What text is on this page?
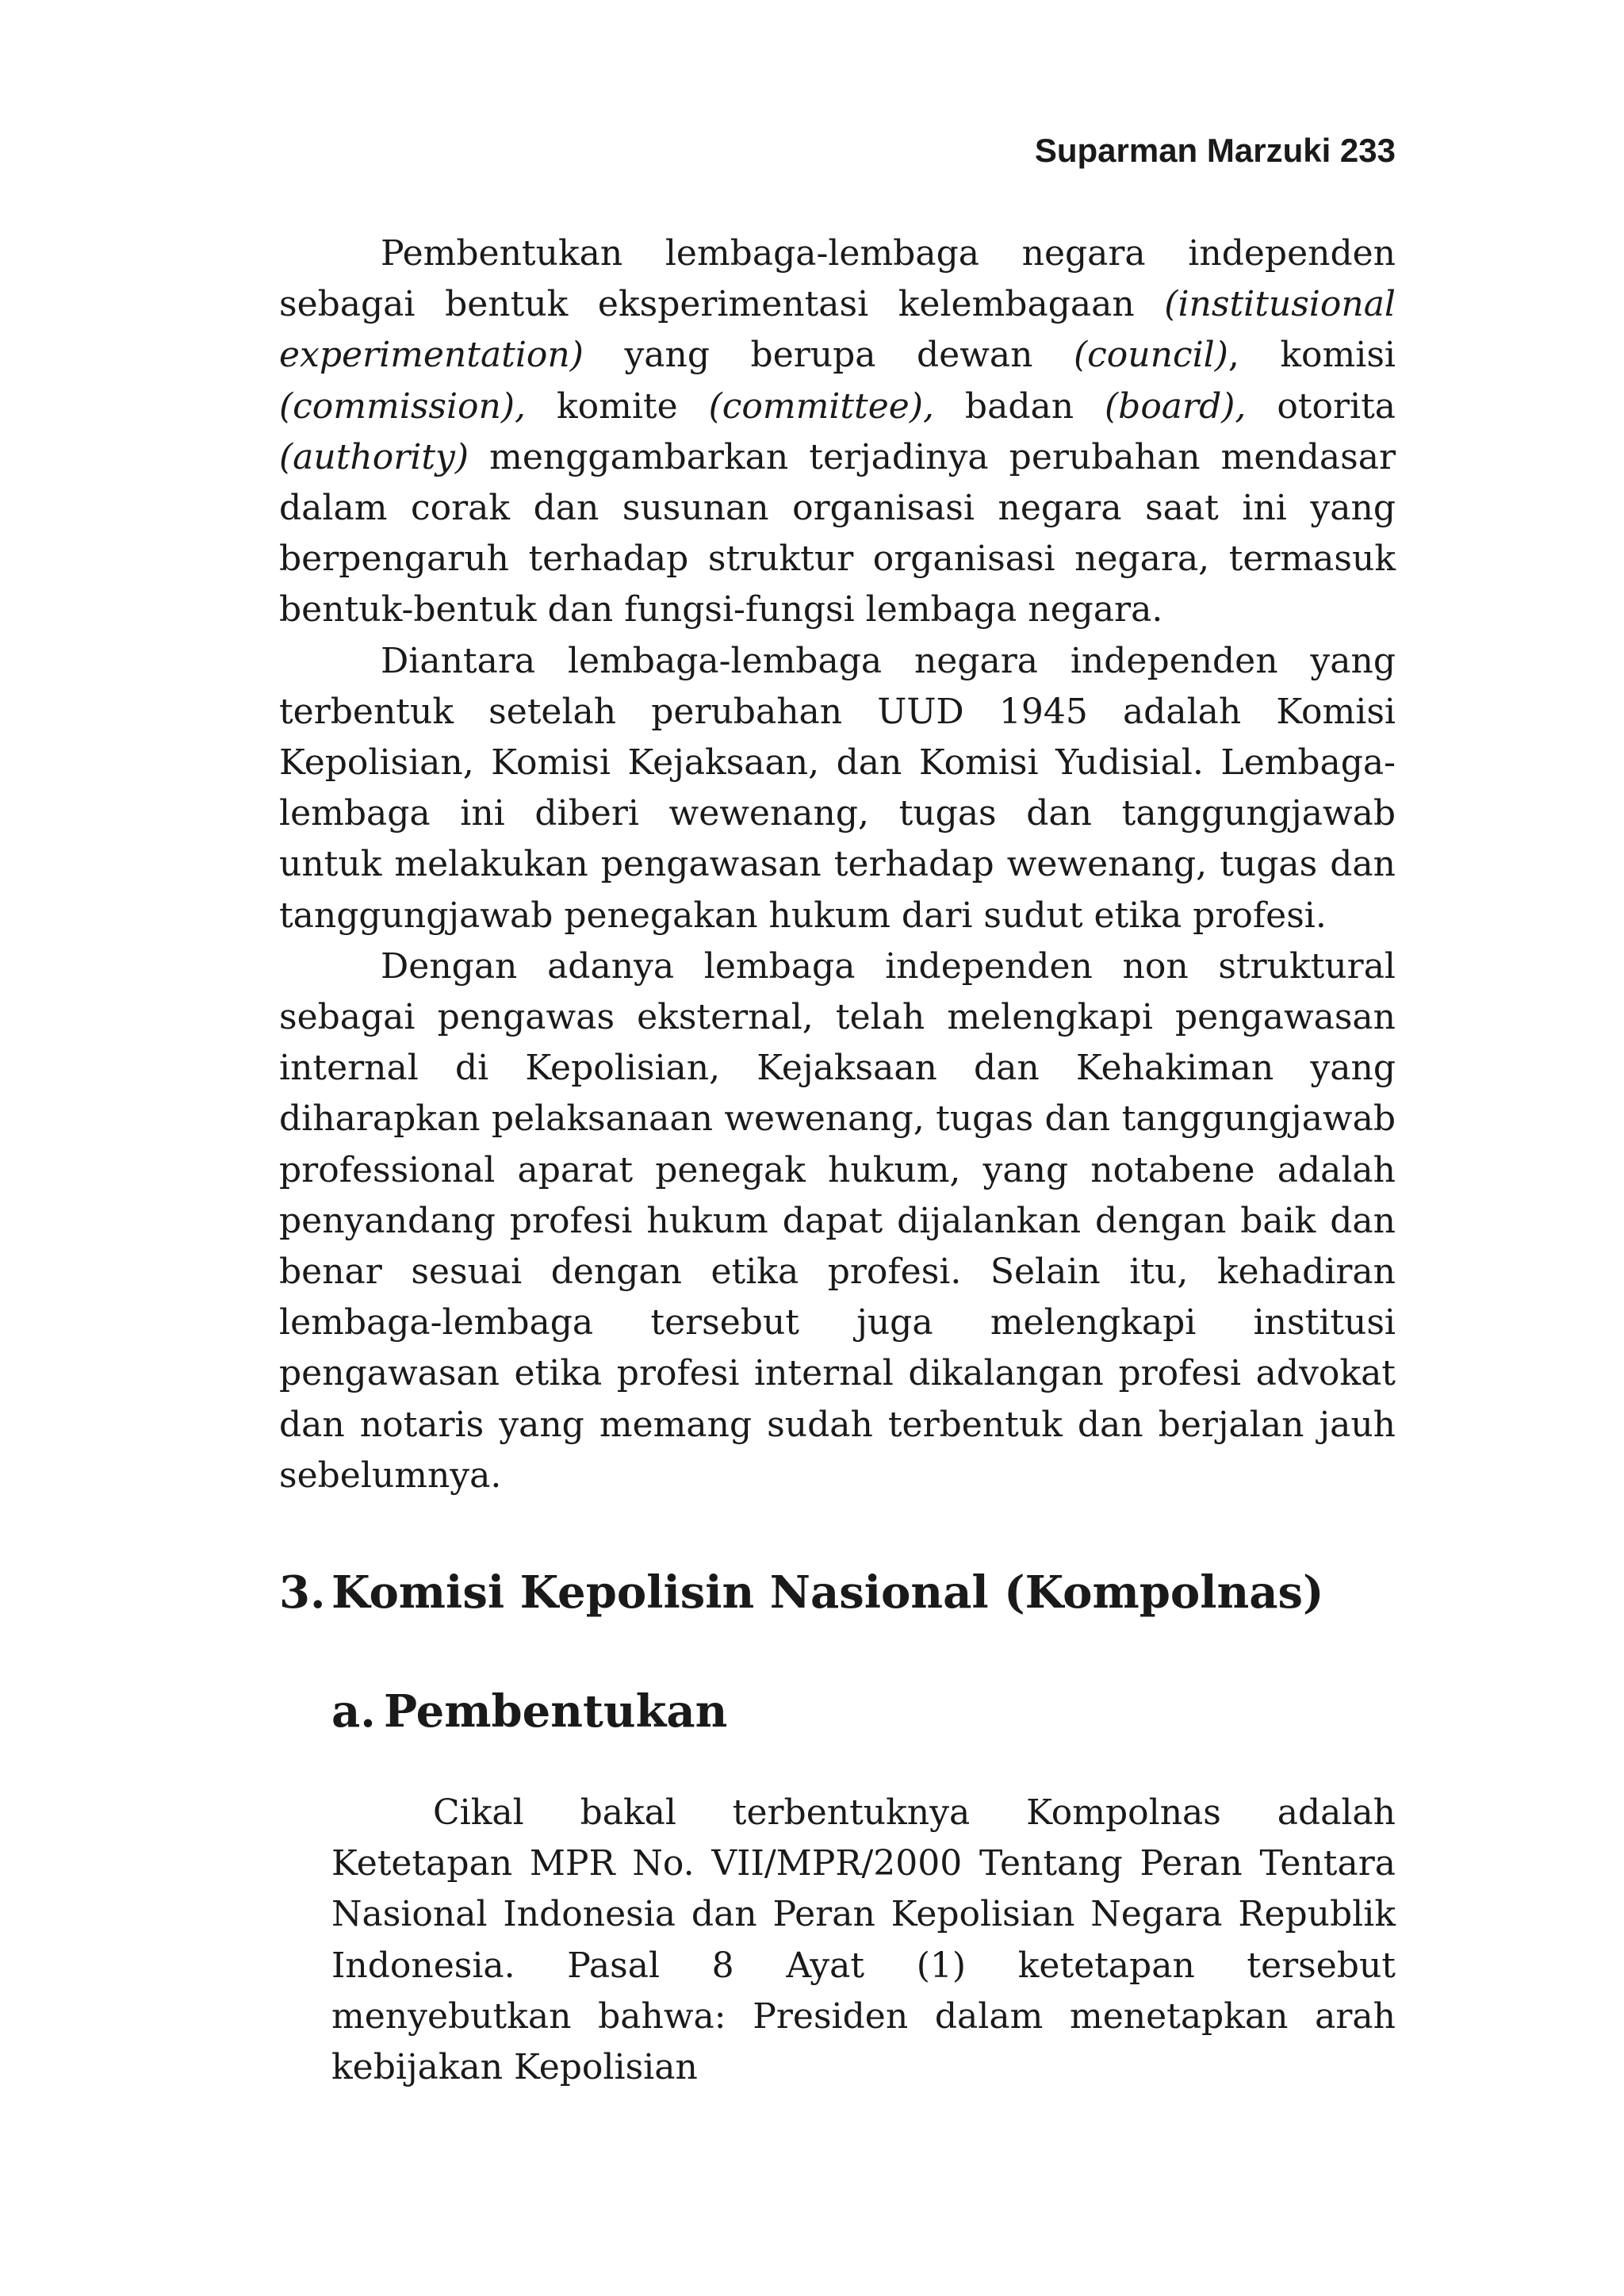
Suparman Marzuki 233

Pembentukan lembaga-lembaga negara independen sebagai bentuk eksperimentasi kelembagaan (institusional experimentation) yang berupa dewan (council), komisi (commission), komite (committee), badan (board), otorita (authority) menggambarkan terjadinya perubahan mendasar dalam corak dan susunan organisasi negara saat ini yang berpengaruh terhadap struktur organisasi negara, termasuk bentuk-bentuk dan fungsi-fungsi lembaga negara.

Diantara lembaga-lembaga negara independen yang terbentuk setelah perubahan UUD 1945 adalah Komisi Kepolisian, Komisi Kejaksaan, dan Komisi Yudisial. Lembaga-lembaga ini diberi wewenang, tugas dan tanggungjawab untuk melakukan pengawasan terhadap wewenang, tugas dan tanggungjawab penegakan hukum dari sudut etika profesi.

Dengan adanya lembaga independen non struktural sebagai pengawas eksternal, telah melengkapi pengawasan internal di Kepolisian, Kejaksaan dan Kehakiman yang diharapkan pelaksanaan wewenang, tugas dan tanggungjawab professional aparat penegak hukum, yang notabene adalah penyandang profesi hukum dapat dijalankan dengan baik dan benar sesuai dengan etika profesi. Selain itu, kehadiran lembaga-lembaga tersebut juga melengkapi institusi pengawasan etika profesi internal dikalangan profesi advokat dan notaris yang memang sudah terbentuk dan berjalan jauh sebelumnya.

3. Komisi Kepolisin Nasional (Kompolnas)
a. Pembentukan

Cikal bakal terbentuknya Kompolnas adalah Ketetapan MPR No. VII/MPR/2000 Tentang Peran Tentara Nasional Indonesia dan Peran Kepolisian Negara Republik Indonesia. Pasal 8 Ayat (1) ketetapan tersebut menyebutkan bahwa: Presiden dalam menetapkan arah kebijakan Kepolisian
